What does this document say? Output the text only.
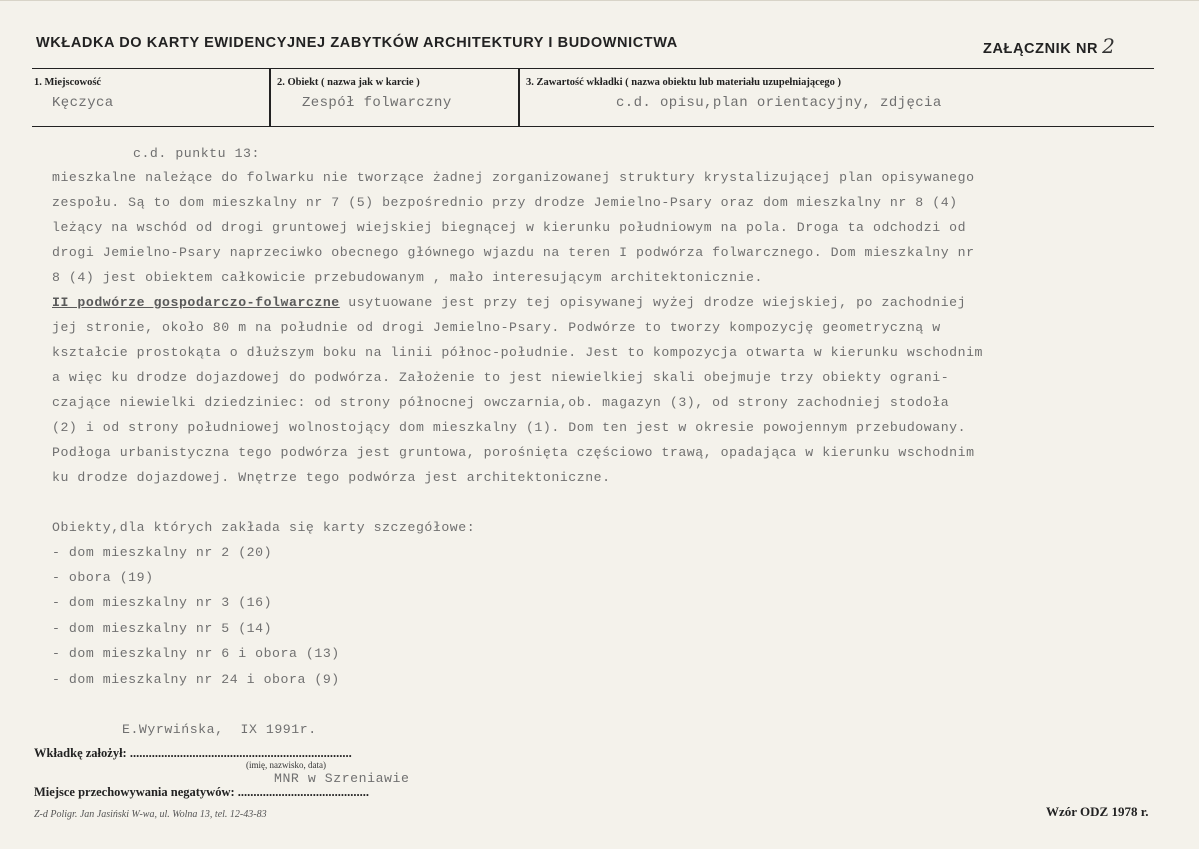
WKŁADKA DO KARTY EWIDENCYJNEJ ZABYTKÓW ARCHITEKTURY I BUDOWNICTWA	ZAŁĄCZNIK NR 2
1. Miejscowość
Kęczyca
2. Obiekt ( nazwa jak w karcie )
Zespół folwarczny
3. Zawartość wkładki ( nazwa obiektu lub materiału uzupełniającego )
c.d. opisu,plan orientacyjny, zdjęcia
c.d. punktu 13:
mieszkalne należące do folwarku nie tworzące żadnej zorganizowanej struktury krystalizującej plan opisywanego
zespołu. Są to dom mieszkalny nr 7 (5) bezpośrednio przy drodze Jemielno-Psary oraz dom mieszkalny nr 8 (4)
leżący na wschód od drogi gruntowej wiejskiej biegnącej w kierunku południowym na pola. Droga ta odchodzi od
drogi Jemielno-Psary naprzeciwko obecnego głównego wjazdu na teren I podwórza folwarcznego. Dom mieszkalny nr
8 (4) jest obiektem całkowicie przebudowanym , mało interesującym architektonicznie.
II podwórze gospodarczo-folwarczne usytuowane jest przy tej opisywanej wyżej drodze wiejskiej, po zachodniej
jej stronie, około 80 m na południe od drogi Jemielno-Psary. Podwórze to tworzy kompozycję geometryczną w
kształcie prostokąta o dłuższym boku na linii północ-południe. Jest to kompozycja otwarta w kierunku wschodnim
a więc ku drodze dojazdowej do podwórza. Założenie to jest niewielkiej skali obejmuje trzy obiekty ograni-
czające niewielki dziedziniec: od strony północnej owczarnia,ob. magazyn (3), od strony zachodniej stodoła
(2) i od strony południowej wolnostojący dom mieszkalny (1). Dom ten jest w okresie powojennym przebudowany.
Podłoga urbanistyczna tego podwórza jest gruntowa, porośnięta częściowo trawą, opadająca w kierunku wschodnim
ku drodze dojazdowej. Wnętrze tego podwórza jest architektoniczne.
Obiekty,dla których zakłada się karty szczegółowe:
- dom mieszkalny nr 2 (20)
- obora (19)
- dom mieszkalny nr 3 (16)
- dom mieszkalny nr 5 (14)
- dom mieszkalny nr 6 i obora (13)
- dom mieszkalny nr 24 i obora (9)
E.Wyrwińska,  IX 1991r.
Wkładkę założył: .......................................................................
(imię, nazwisko, data)
MNR w Szreniawie
Miejsce przechowywania negatywów: ..........................................
Z-d Poligr. Jan Jasiński W-wa, ul. Wolna 13, tel. 12-43-83	Wzór ODZ 1978 r.
